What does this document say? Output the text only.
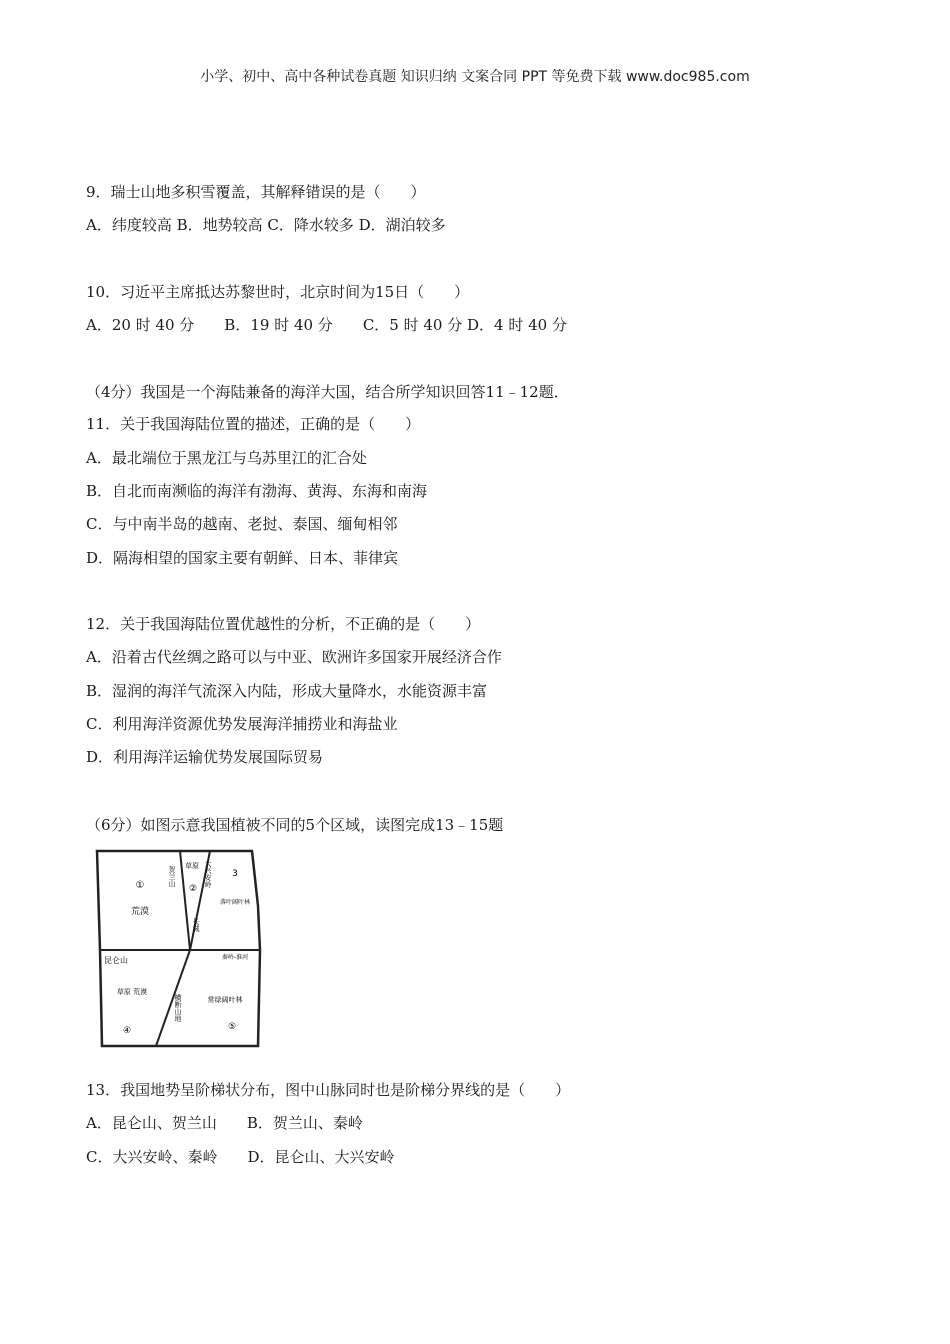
小学、初中、高中各种试卷真题 知识归纳 文案合同 PPT 等免费下载 www.doc985.com
9．瑞士山地多积雪覆盖，其解释错误的是（　　）
A．纬度较高 B．地势较高 C．降水较多 D．湖泊较多
10．习近平主席抵达苏黎世时，北京时间为15日（　　）
A．20 时 40 分　　B．19 时 40 分　　C．5 时 40 分 D．4 时 40 分
（4分）我国是一个海陆兼备的海洋大国，结合所学知识回答11﹣12题．
11．关于我国海陆位置的描述，正确的是（　　）
A．最北端位于黑龙江与乌苏里江的汇合处
B．自北而南濒临的海洋有渤海、黄海、东海和南海
C．与中南半岛的越南、老挝、泰国、缅甸相邻
D．隔海相望的国家主要有朝鲜、日本、菲律宾
12．关于我国海陆位置优越性的分析，不正确的是（　　）
A．沿着古代丝绸之路可以与中亚、欧洲许多国家开展经济合作
B．湿润的海洋气流深入内陆，形成大量降水，水能资源丰富
C．利用海洋资源优势发展海洋捕捞业和海盐业
D．利用海洋运输优势发展国际贸易
（6分）如图示意我国植被不同的5个区域，读图完成13﹣15题
①
荒漠
贺兰山 草原
②
大兴安岭
长城
3
落叶阔叶林
昆仑山	秦岭-淮河
草原 荒漠
④
横断山地	常绿阔叶林
⑤
13．我国地势呈阶梯状分布，图中山脉同时也是阶梯分界线的是（　　）
A．昆仑山、贺兰山　　B．贺兰山、秦岭
C．大兴安岭、秦岭　　D．昆仑山、大兴安岭
